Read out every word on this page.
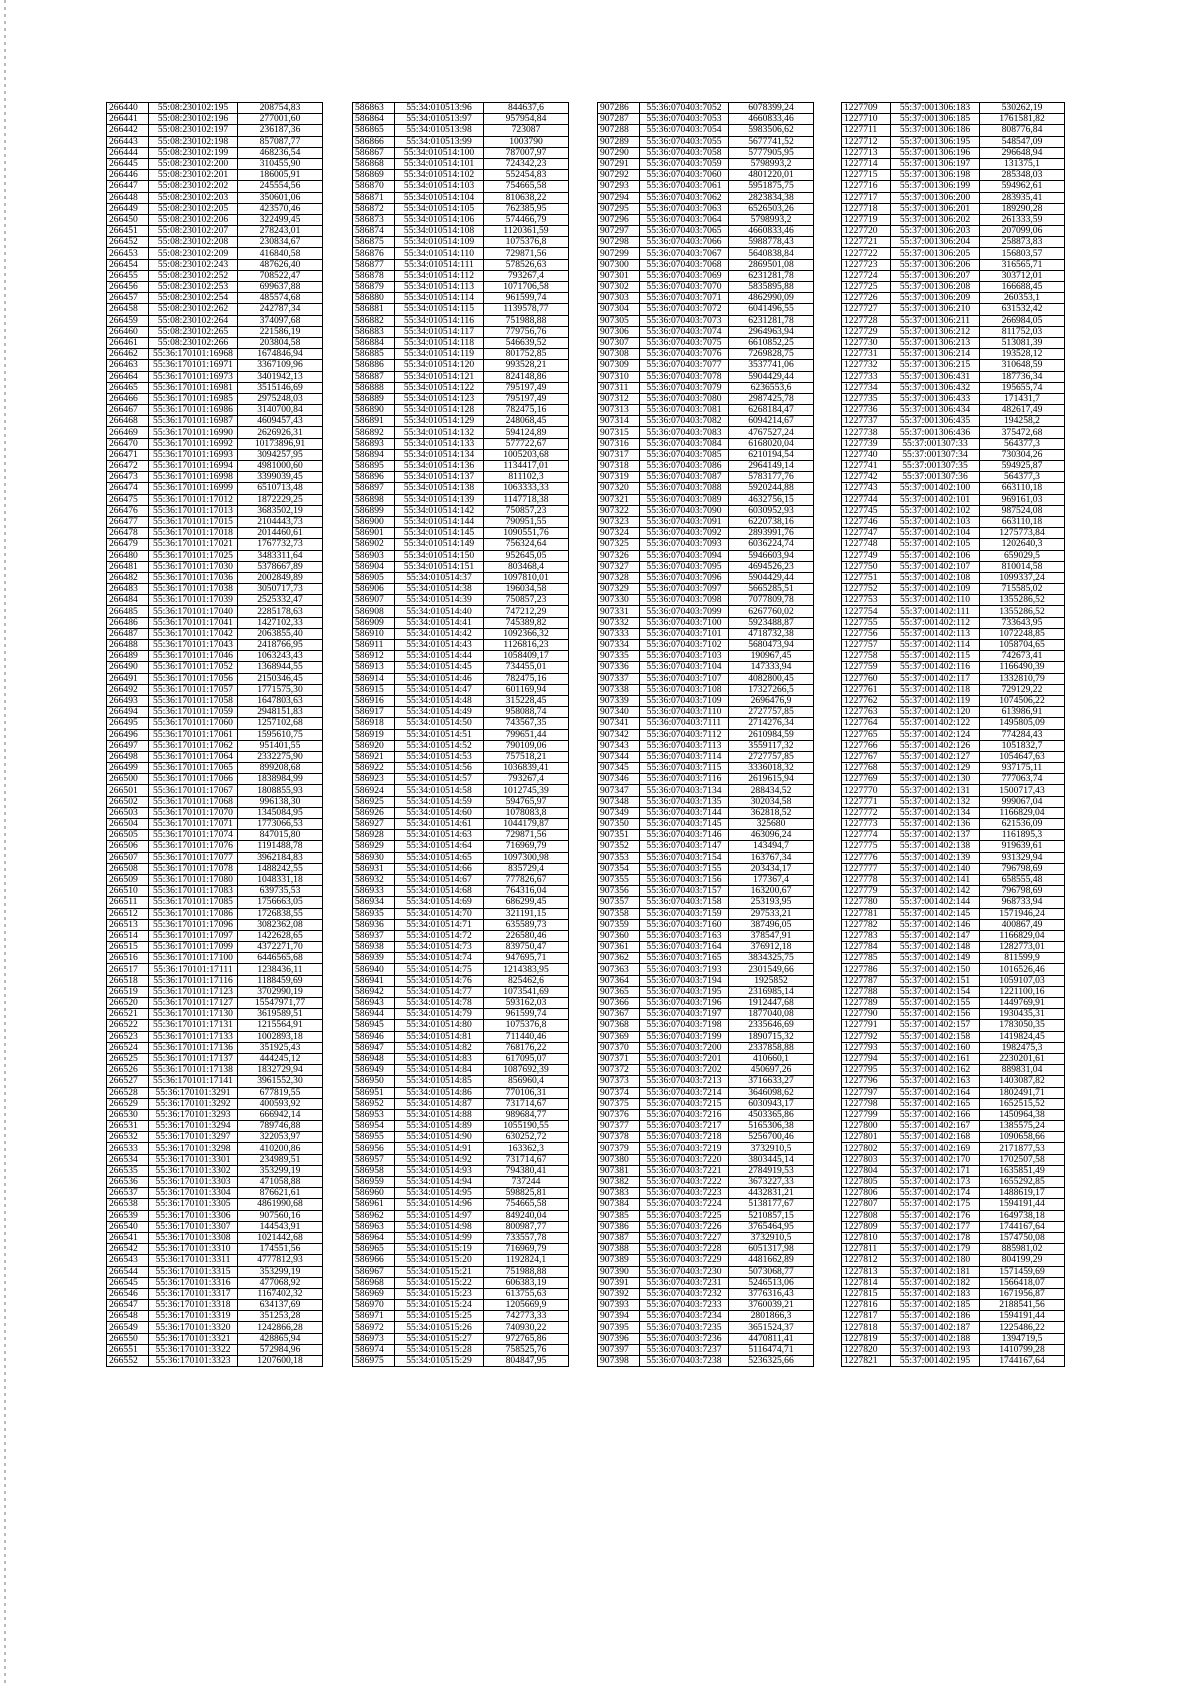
266440	55:08:230102:195	208754,83
266441	55:08:230102:196	277001,60
266442	55:08:230102:197	236187,36
266443	55:08:230102:198	857087,77
266444	55:08:230102:199	468236,54
266445	55:08:230102:200	310455,90
266446	55:08:230102:201	186005,91
266447	55:08:230102:202	245554,56
266448	55:08:230102:203	350601,06
266449	55:08:230102:205	423570,46
266450	55:08:230102:206	322499,45
266451	55:08:230102:207	278243,01
266452	55:08:230102:208	230834,67
266453	55:08:230102:209	416840,58
266454	55:08:230102:243	487626,40
266455	55:08:230102:252	708522,47
266456	55:08:230102:253	699637,88
266457	55:08:230102:254	485574,68
266458	55:08:230102:262	242787,34
266459	55:08:230102:264	374097,68
266460	55:08:230102:265	221586,19
266461	55:08:230102:266	203804,58
266462	55:36:170101:16968	1674846,94
266463	55:36:170101:16971	3367109,96
266464	55:36:170101:16973	3401942,13
266465	55:36:170101:16981	3515146,69
266466	55:36:170101:16985	2975248,03
266467	55:36:170101:16986	3140700,84
266468	55:36:170101:16987	4609457,43
266469	55:36:170101:16990	2626926,31
266470	55:36:170101:16992	10173896,91
266471	55:36:170101:16993	3094257,95
266472	55:36:170101:16994	4981000,60
266473	55:36:170101:16998	3399039,45
266474	55:36:170101:16999	6510713,48
266475	55:36:170101:17012	1872229,25
266476	55:36:170101:17013	3683502,19
266477	55:36:170101:17015	2104443,73
266478	55:36:170101:17018	2014460,61
266479	55:36:170101:17021	1767732,73
266480	55:36:170101:17025	3483311,64
266481	55:36:170101:17030	5378667,89
266482	55:36:170101:17036	2002849,89
266483	55:36:170101:17038	3050717,73
266484	55:36:170101:17039	2525332,47
266485	55:36:170101:17040	2285178,63
266486	55:36:170101:17041	1427102,33
266487	55:36:170101:17042	2063855,40
266488	55:36:170101:17043	2418766,95
266489	55:36:170101:17046	1063243,43
266490	55:36:170101:17052	1368944,55
266491	55:36:170101:17056	2150346,45
266492	55:36:170101:17057	1771575,30
266493	55:36:170101:17058	1647803,63
266494	55:36:170101:17059	2948151,83
266495	55:36:170101:17060	1257102,68
266496	55:36:170101:17061	1595610,75
266497	55:36:170101:17062	951401,55
266498	55:36:170101:17064	2332275,90
266499	55:36:170101:17065	899208,68
266500	55:36:170101:17066	1838984,99
266501	55:36:170101:17067	1808855,93
266502	55:36:170101:17068	996138,30
266503	55:36:170101:17070	1345084,95
266504	55:36:170101:17071	1773066,53
266505	55:36:170101:17074	847015,80
266506	55:36:170101:17076	1191488,78
266507	55:36:170101:17077	3962184,83
266508	55:36:170101:17078	1488242,55
266509	55:36:170101:17080	1048331,18
266510	55:36:170101:17083	639735,53
266511	55:36:170101:17085	1756663,05
266512	55:36:170101:17086	1726838,55
266513	55:36:170101:17096	3082362,08
266514	55:36:170101:17097	1422628,65
266515	55:36:170101:17099	4372271,70
266516	55:36:170101:17100	6446565,68
266517	55:36:170101:17111	1238436,11
266518	55:36:170101:17116	1188459,69
266519	55:36:170101:17123	3702990,19
266520	55:36:170101:17127	15547971,77
266521	55:36:170101:17130	3619589,51
266522	55:36:170101:17131	1215564,91
266523	55:36:170101:17133	1002893,18
266524	55:36:170101:17136	351925,43
266525	55:36:170101:17137	444245,12
266526	55:36:170101:17138	1832729,94
266527	55:36:170101:17141	3961552,30
266528	55:36:170101:3291	677819,55
266529	55:36:170101:3292	400593,92
266530	55:36:170101:3293	666942,14
266531	55:36:170101:3294	789746,88
266532	55:36:170101:3297	322053,97
266533	55:36:170101:3298	410200,86
266534	55:36:170101:3301	234989,51
266535	55:36:170101:3302	353299,19
266536	55:36:170101:3303	471058,88
266537	55:36:170101:3304	876621,61
266538	55:36:170101:3305	4861990,68
266539	55:36:170101:3306	907560,16
266540	55:36:170101:3307	144543,91
266541	55:36:170101:3308	1021442,68
266542	55:36:170101:3310	174551,56
266543	55:36:170101:3311	4777812,93
266544	55:36:170101:3315	353299,19
266545	55:36:170101:3316	477068,92
266546	55:36:170101:3317	1167402,32
266547	55:36:170101:3318	634137,69
266548	55:36:170101:3319	351253,28
266549	55:36:170101:3320	1242866,28
266550	55:36:170101:3321	428865,94
266551	55:36:170101:3322	572984,96
266552	55:36:170101:3323	1207600,18
586863	55:34:010513:96	844637,6
586864	55:34:010513:97	957954,84
586865	55:34:010513:98	723087
586866	55:34:010513:99	1003790
586867	55:34:010514:100	787007,97
586868	55:34:010514:101	724342,23
586869	55:34:010514:102	552454,83
586870	55:34:010514:103	754665,58
586871	55:34:010514:104	810638,22
586872	55:34:010514:105	762385,95
586873	55:34:010514:106	574466,79
586874	55:34:010514:108	1120361,59
586875	55:34:010514:109	1075376,8
586876	55:34:010514:110	729871,56
586877	55:34:010514:111	578526,63
586878	55:34:010514:112	793267,4
586879	55:34:010514:113	1071706,58
586880	55:34:010514:114	961599,74
586881	55:34:010514:115	1139578,77
586882	55:34:010514:116	751988,88
586883	55:34:010514:117	779756,76
586884	55:34:010514:118	546639,52
586885	55:34:010514:119	801752,85
586886	55:34:010514:120	993528,21
586887	55:34:010514:121	824148,86
586888	55:34:010514:122	795197,49
586889	55:34:010514:123	795197,49
586890	55:34:010514:128	782475,16
586891	55:34:010514:129	248068,45
586892	55:34:010514:132	594124,89
586893	55:34:010514:133	577722,67
586894	55:34:010514:134	1005203,68
586895	55:34:010514:136	1134417,01
586896	55:34:010514:137	811102,3
586897	55:34:010514:138	1063333,33
586898	55:34:010514:139	1147718,38
586899	55:34:010514:142	750857,23
586900	55:34:010514:144	790951,55
586901	55:34:010514:145	1090551,76
586902	55:34:010514:149	756324,64
586903	55:34:010514:150	952645,05
586904	55:34:010514:151	803468,4
586905	55:34:010514:37	1097810,01
586906	55:34:010514:38	196034,58
586907	55:34:010514:39	750857,23
586908	55:34:010514:40	747212,29
586909	55:34:010514:41	745389,82
586910	55:34:010514:42	1092366,32
586911	55:34:010514:43	1126816,23
586912	55:34:010514:44	1058409,17
586913	55:34:010514:45	734455,01
586914	55:34:010514:46	782475,16
586915	55:34:010514:47	601169,94
586916	55:34:010514:48	315228,45
586917	55:34:010514:49	958088,74
586918	55:34:010514:50	743567,35
586919	55:34:010514:51	799651,44
586920	55:34:010514:52	790109,06
586921	55:34:010514:53	757518,21
586922	55:34:010514:56	1036839,41
586923	55:34:010514:57	793267,4
586924	55:34:010514:58	1012745,39
586925	55:34:010514:59	594765,97
586926	55:34:010514:60	1078083,8
586927	55:34:010514:61	1044179,87
586928	55:34:010514:63	729871,56
586929	55:34:010514:64	716969,79
586930	55:34:010514:65	1097300,98
586931	55:34:010514:66	835729,4
586932	55:34:010514:67	777826,67
586933	55:34:010514:68	764316,04
586934	55:34:010514:69	686299,45
586935	55:34:010514:70	321191,15
586936	55:34:010514:71	635589,73
586937	55:34:010514:72	226580,46
586938	55:34:010514:73	839750,47
586939	55:34:010514:74	947695,71
586940	55:34:010514:75	1214383,95
586941	55:34:010514:76	825462,6
586942	55:34:010514:77	1073541,69
586943	55:34:010514:78	593162,03
586944	55:34:010514:79	961599,74
586945	55:34:010514:80	1075376,8
586946	55:34:010514:81	711440,46
586947	55:34:010514:82	768176,22
586948	55:34:010514:83	617095,07
586949	55:34:010514:84	1087692,39
586950	55:34:010514:85	856960,4
586951	55:34:010514:86	770106,31
586952	55:34:010514:87	731714,67
586953	55:34:010514:88	989684,77
586954	55:34:010514:89	1055190,55
586955	55:34:010514:90	630252,72
586956	55:34:010514:91	163362,3
586957	55:34:010514:92	731714,67
586958	55:34:010514:93	794380,41
586959	55:34:010514:94	737244
586960	55:34:010514:95	598825,81
586961	55:34:010514:96	754665,58
586962	55:34:010514:97	849240,04
586963	55:34:010514:98	800987,77
586964	55:34:010514:99	733557,78
586965	55:34:010515:19	716969,79
586966	55:34:010515:20	1192824,1
586967	55:34:010515:21	751988,88
586968	55:34:010515:22	606383,19
586969	55:34:010515:23	613755,63
586970	55:34:010515:24	1205669,9
586971	55:34:010515:25	742773,33
586972	55:34:010515:26	740930,22
586973	55:34:010515:27	972765,86
586974	55:34:010515:28	758525,76
586975	55:34:010515:29	804847,95
907286	55:36:070403:7052	6078399,24
907287	55:36:070403:7053	4660833,46
907288	55:36:070403:7054	5983506,62
907289	55:36:070403:7055	5677741,52
907290	55:36:070403:7058	5777905,95
907291	55:36:070403:7059	5798993,2
907292	55:36:070403:7060	4801220,01
907293	55:36:070403:7061	5951875,75
907294	55:36:070403:7062	2823834,38
907295	55:36:070403:7063	6526503,26
907296	55:36:070403:7064	5798993,2
907297	55:36:070403:7065	4660833,46
907298	55:36:070403:7066	5988778,43
907299	55:36:070403:7067	5640838,84
907300	55:36:070403:7068	2869501,08
907301	55:36:070403:7069	6231281,78
907302	55:36:070403:7070	5835895,88
907303	55:36:070403:7071	4862990,09
907304	55:36:070403:7072	6041496,55
907305	55:36:070403:7073	6231281,78
907306	55:36:070403:7074	2964963,94
907307	55:36:070403:7075	6610852,25
907308	55:36:070403:7076	7269828,75
907309	55:36:070403:7077	3537741,06
907310	55:36:070403:7078	5904429,44
907311	55:36:070403:7079	6236553,6
907312	55:36:070403:7080	2987425,78
907313	55:36:070403:7081	6268184,47
907314	55:36:070403:7082	6094214,67
907315	55:36:070403:7083	4767527,24
907316	55:36:070403:7084	6168020,04
907317	55:36:070403:7085	6210194,54
907318	55:36:070403:7086	2964149,14
907319	55:36:070403:7087	5783177,76
907320	55:36:070403:7088	5920244,88
907321	55:36:070403:7089	4632756,15
907322	55:36:070403:7090	6030952,93
907323	55:36:070403:7091	6220738,16
907324	55:36:070403:7092	2893991,76
907325	55:36:070403:7093	6036224,74
907326	55:36:070403:7094	5946603,94
907327	55:36:070403:7095	4694526,23
907328	55:36:070403:7096	5904429,44
907329	55:36:070403:7097	5665285,51
907330	55:36:070403:7098	7077809,78
907331	55:36:070403:7099	6267760,02
907332	55:36:070403:7100	5923488,87
907333	55:36:070403:7101	4718732,38
907334	55:36:070403:7102	5680473,94
907335	55:36:070403:7103	190967,45
907336	55:36:070403:7104	147333,94
907337	55:36:070403:7107	4082800,45
907338	55:36:070403:7108	17327266,5
907339	55:36:070403:7109	2696476,9
907340	55:36:070403:7110	2727757,85
907341	55:36:070403:7111	2714276,34
907342	55:36:070403:7112	2610984,59
907343	55:36:070403:7113	3559117,32
907344	55:36:070403:7114	2727757,85
907345	55:36:070403:7115	3336018,32
907346	55:36:070403:7116	2619615,94
907347	55:36:070403:7134	288434,52
907348	55:36:070403:7135	302034,58
907349	55:36:070403:7144	362818,52
907350	55:36:070403:7145	325680
907351	55:36:070403:7146	463096,24
907352	55:36:070403:7147	143494,7
907353	55:36:070403:7154	163767,34
907354	55:36:070403:7155	203434,17
907355	55:36:070403:7156	177367,4
907356	55:36:070403:7157	163200,67
907357	55:36:070403:7158	253193,95
907358	55:36:070403:7159	297533,21
907359	55:36:070403:7160	387496,05
907360	55:36:070403:7163	378547,91
907361	55:36:070403:7164	376912,18
907362	55:36:070403:7165	3834325,75
907363	55:36:070403:7193	2301549,66
907364	55:36:070403:7194	1925852
907365	55:36:070403:7195	2316985,14
907366	55:36:070403:7196	1912447,68
907367	55:36:070403:7197	1877040,08
907368	55:36:070403:7198	2335646,69
907369	55:36:070403:7199	1890715,32
907370	55:36:070403:7200	2337858,88
907371	55:36:070403:7201	410660,1
907372	55:36:070403:7202	450697,26
907373	55:36:070403:7213	3716633,27
907374	55:36:070403:7214	3646098,62
907375	55:36:070403:7215	6030943,17
907376	55:36:070403:7216	4503365,86
907377	55:36:070403:7217	5165306,38
907378	55:36:070403:7218	5256700,46
907379	55:36:070403:7219	3732910,5
907380	55:36:070403:7220	3803445,14
907381	55:36:070403:7221	2784919,53
907382	55:36:070403:7222	3673227,33
907383	55:36:070403:7223	4432831,21
907384	55:36:070403:7224	5138177,67
907385	55:36:070403:7225	5210857,15
907386	55:36:070403:7226	3765464,95
907387	55:36:070403:7227	3732910,5
907388	55:36:070403:7228	6051317,98
907389	55:36:070403:7229	4481662,89
907390	55:36:070403:7230	5073068,77
907391	55:36:070403:7231	5246513,06
907392	55:36:070403:7232	3776316,43
907393	55:36:070403:7233	3760039,21
907394	55:36:070403:7234	2801866,3
907395	55:36:070403:7235	3651524,37
907396	55:36:070403:7236	4470811,41
907397	55:36:070403:7237	5116474,71
907398	55:36:070403:7238	5236325,66
1227709	55:37:001306:183	530262,19
1227710	55:37:001306:185	1761581,82
1227711	55:37:001306:186	808776,84
1227712	55:37:001306:195	548547,09
1227713	55:37:001306:196	296648,94
1227714	55:37:001306:197	131375,1
1227715	55:37:001306:198	285348,03
1227716	55:37:001306:199	594962,61
1227717	55:37:001306:200	283935,41
1227718	55:37:001306:201	189290,28
1227719	55:37:001306:202	261333,59
1227720	55:37:001306:203	207099,06
1227721	55:37:001306:204	258873,83
1227722	55:37:001306:205	156803,57
1227723	55:37:001306:206	316565,71
1227724	55:37:001306:207	303712,01
1227725	55:37:001306:208	166688,45
1227726	55:37:001306:209	260353,1
1227727	55:37:001306:210	631532,42
1227728	55:37:001306:211	266984,05
1227729	55:37:001306:212	811752,03
1227730	55:37:001306:213	513081,39
1227731	55:37:001306:214	193528,12
1227732	55:37:001306:215	310648,59
1227733	55:37:001306:431	187736,34
1227734	55:37:001306:432	195655,74
1227735	55:37:001306:433	171431,7
1227736	55:37:001306:434	482617,49
1227737	55:37:001306:435	194258,2
1227738	55:37:001306:436	375472,68
1227739	55:37:001307:33	564377,3
1227740	55:37:001307:34	730304,26
1227741	55:37:001307:35	594925,87
1227742	55:37:001307:36	564377,3
1227743	55:37:001402:100	663110,18
1227744	55:37:001402:101	969161,03
1227745	55:37:001402:102	987524,08
1227746	55:37:001402:103	663110,18
1227747	55:37:001402:104	1275773,84
1227748	55:37:001402:105	1202640,3
1227749	55:37:001402:106	659029,5
1227750	55:37:001402:107	810014,58
1227751	55:37:001402:108	1099337,24
1227752	55:37:001402:109	715585,02
1227753	55:37:001402:110	1355286,52
1227754	55:37:001402:111	1355286,52
1227755	55:37:001402:112	733643,95
1227756	55:37:001402:113	1072248,85
1227757	55:37:001402:114	1058704,65
1227758	55:37:001402:115	742673,41
1227759	55:37:001402:116	1166490,39
1227760	55:37:001402:117	1332810,79
1227761	55:37:001402:118	729129,22
1227762	55:37:001402:119	1074506,22
1227763	55:37:001402:120	613986,91
1227764	55:37:001402:122	1495805,09
1227765	55:37:001402:124	774284,43
1227766	55:37:001402:126	1051832,7
1227767	55:37:001402:127	1054647,63
1227768	55:37:001402:129	937175,11
1227769	55:37:001402:130	777063,74
1227770	55:37:001402:131	1500717,43
1227771	55:37:001402:132	999067,04
1227772	55:37:001402:134	1166829,04
1227773	55:37:001402:136	621536,09
1227774	55:37:001402:137	1161895,3
1227775	55:37:001402:138	919639,61
1227776	55:37:001402:139	931329,94
1227777	55:37:001402:140	796798,69
1227778	55:37:001402:141	658555,48
1227779	55:37:001402:142	796798,69
1227780	55:37:001402:144	968733,94
1227781	55:37:001402:145	1571946,24
1227782	55:37:001402:146	400867,49
1227783	55:37:001402:147	1166829,04
1227784	55:37:001402:148	1282773,01
1227785	55:37:001402:149	811599,9
1227786	55:37:001402:150	1016526,46
1227787	55:37:001402:151	1059107,03
1227788	55:37:001402:154	1221100,16
1227789	55:37:001402:155	1449769,91
1227790	55:37:001402:156	1930435,31
1227791	55:37:001402:157	1783050,35
1227792	55:37:001402:158	1419824,45
1227793	55:37:001402:160	1982475,3
1227794	55:37:001402:161	2230201,61
1227795	55:37:001402:162	889831,04
1227796	55:37:001402:163	1403087,82
1227797	55:37:001402:164	1802491,71
1227798	55:37:001402:165	1652515,52
1227799	55:37:001402:166	1450964,38
1227800	55:37:001402:167	1385575,24
1227801	55:37:001402:168	1090658,66
1227802	55:37:001402:169	2171877,53
1227803	55:37:001402:170	1702507,58
1227804	55:37:001402:171	1635851,49
1227805	55:37:001402:173	1655292,85
1227806	55:37:001402:174	1488619,17
1227807	55:37:001402:175	1594191,44
1227808	55:37:001402:176	1649738,18
1227809	55:37:001402:177	1744167,64
1227810	55:37:001402:178	1574750,08
1227811	55:37:001402:179	885981,02
1227812	55:37:001402:180	804199,29
1227813	55:37:001402:181	1571459,69
1227814	55:37:001402:182	1566418,07
1227815	55:37:001402:183	1671956,87
1227816	55:37:001402:185	2188541,56
1227817	55:37:001402:186	1594191,44
1227818	55:37:001402:187	1225486,22
1227819	55:37:001402:188	1394719,5
1227820	55:37:001402:193	1410799,28
1227821	55:37:001402:195	1744167,64
